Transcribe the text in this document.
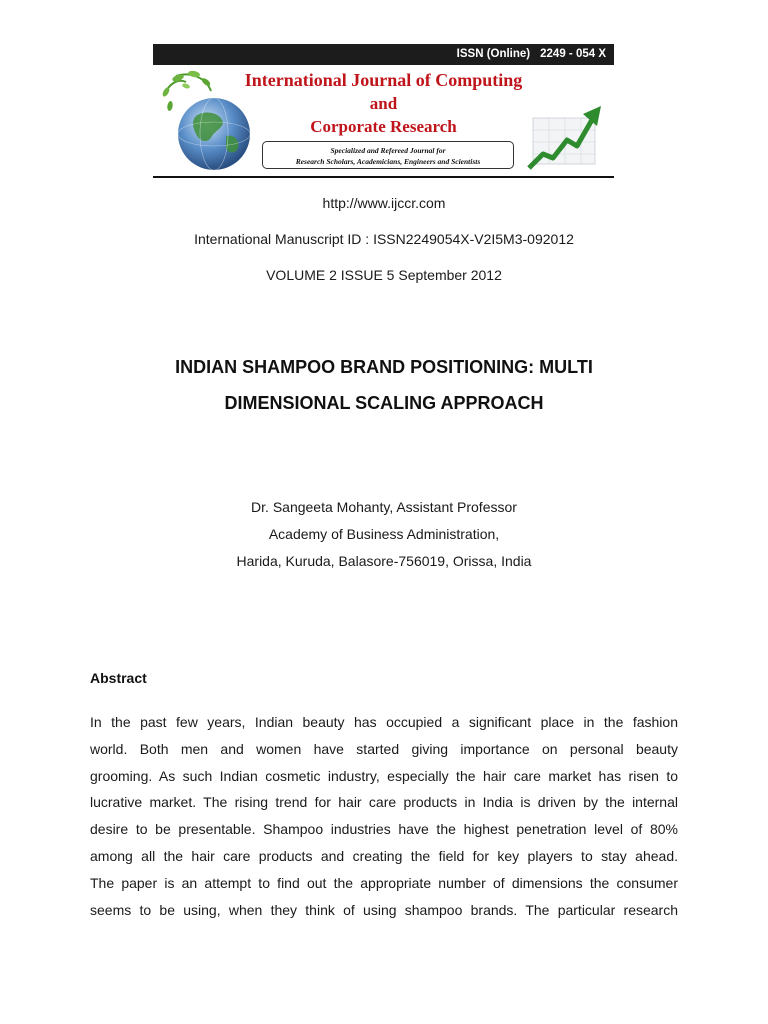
ISSN (Online) 2249 - 054 X
International Journal of Computing
and
Corporate Research
Specialized and Refereed Journal for
Research Scholars, Academicians, Engineers and Scientists
http://www.ijccr.com
International Manuscript ID : ISSN2249054X-V2I5M3-092012
VOLUME 2 ISSUE 5 September 2012
INDIAN SHAMPOO BRAND POSITIONING: MULTI
DIMENSIONAL SCALING APPROACH
Dr. Sangeeta Mohanty, Assistant Professor
Academy of Business Administration,
Harida, Kuruda, Balasore-756019, Orissa, India
Abstract
In the past few years, Indian beauty has occupied a significant place in the fashion
world. Both men and women have started giving importance on personal beauty
grooming. As such Indian cosmetic industry, especially the hair care market has risen to
lucrative market. The rising trend for hair care products in India is driven by the internal
desire to be presentable. Shampoo industries have the highest penetration level of 80%
among all the hair care products and creating the field for key players to stay ahead.
The paper is an attempt to find out the appropriate number of dimensions the consumer
seems to be using, when they think of using shampoo brands. The particular research
